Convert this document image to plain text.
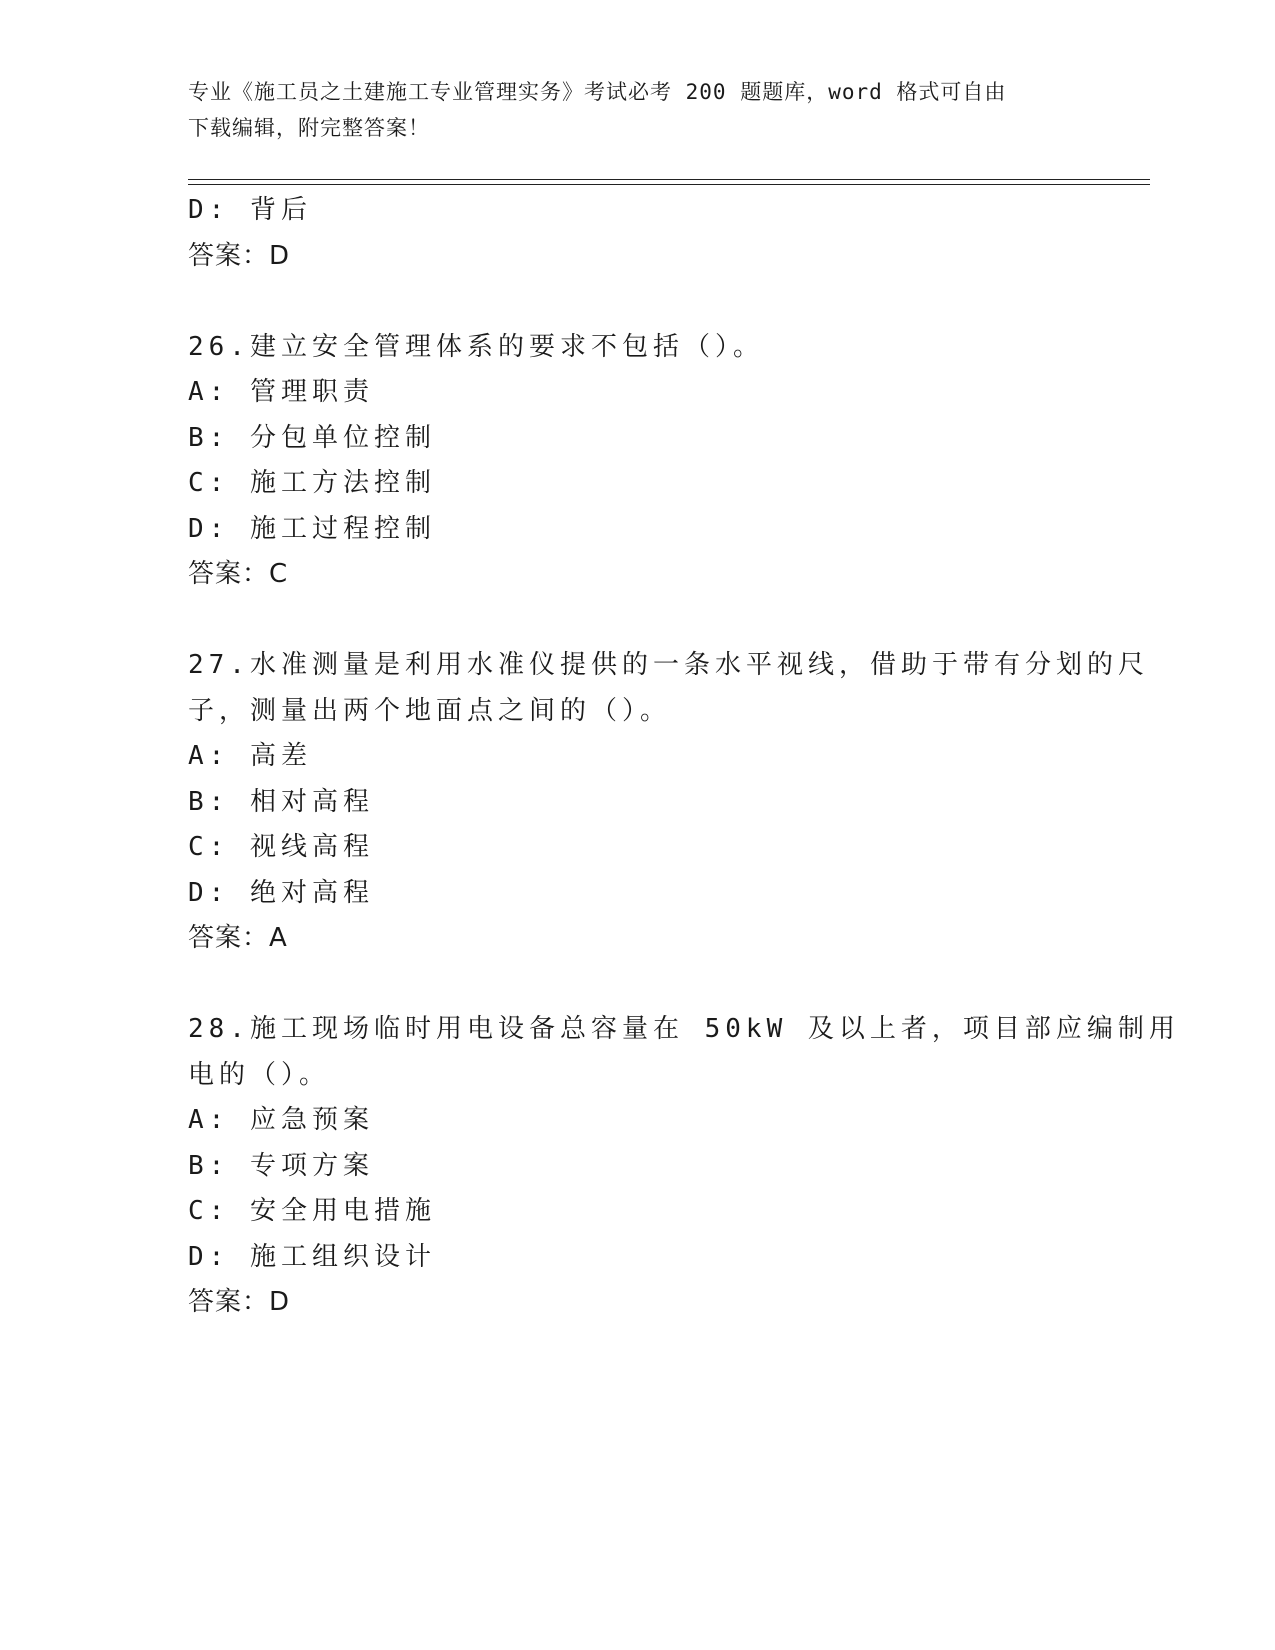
专业《施工员之土建施工专业管理实务》考试必考 200 题题库，word 格式可自由
下载编辑，附完整答案！
D: 背后
答案：D
26.建立安全管理体系的要求不包括（）。
A: 管理职责
B: 分包单位控制
C: 施工方法控制
D: 施工过程控制
答案：C
27.水准测量是利用水准仪提供的一条水平视线，借助于带有分划的尺
子，测量出两个地面点之间的（）。
A: 高差
B: 相对高程
C: 视线高程
D: 绝对高程
答案：A
28.施工现场临时用电设备总容量在 50kW 及以上者，项目部应编制用
电的（）。
A: 应急预案
B: 专项方案
C: 安全用电措施
D: 施工组织设计
答案：D
